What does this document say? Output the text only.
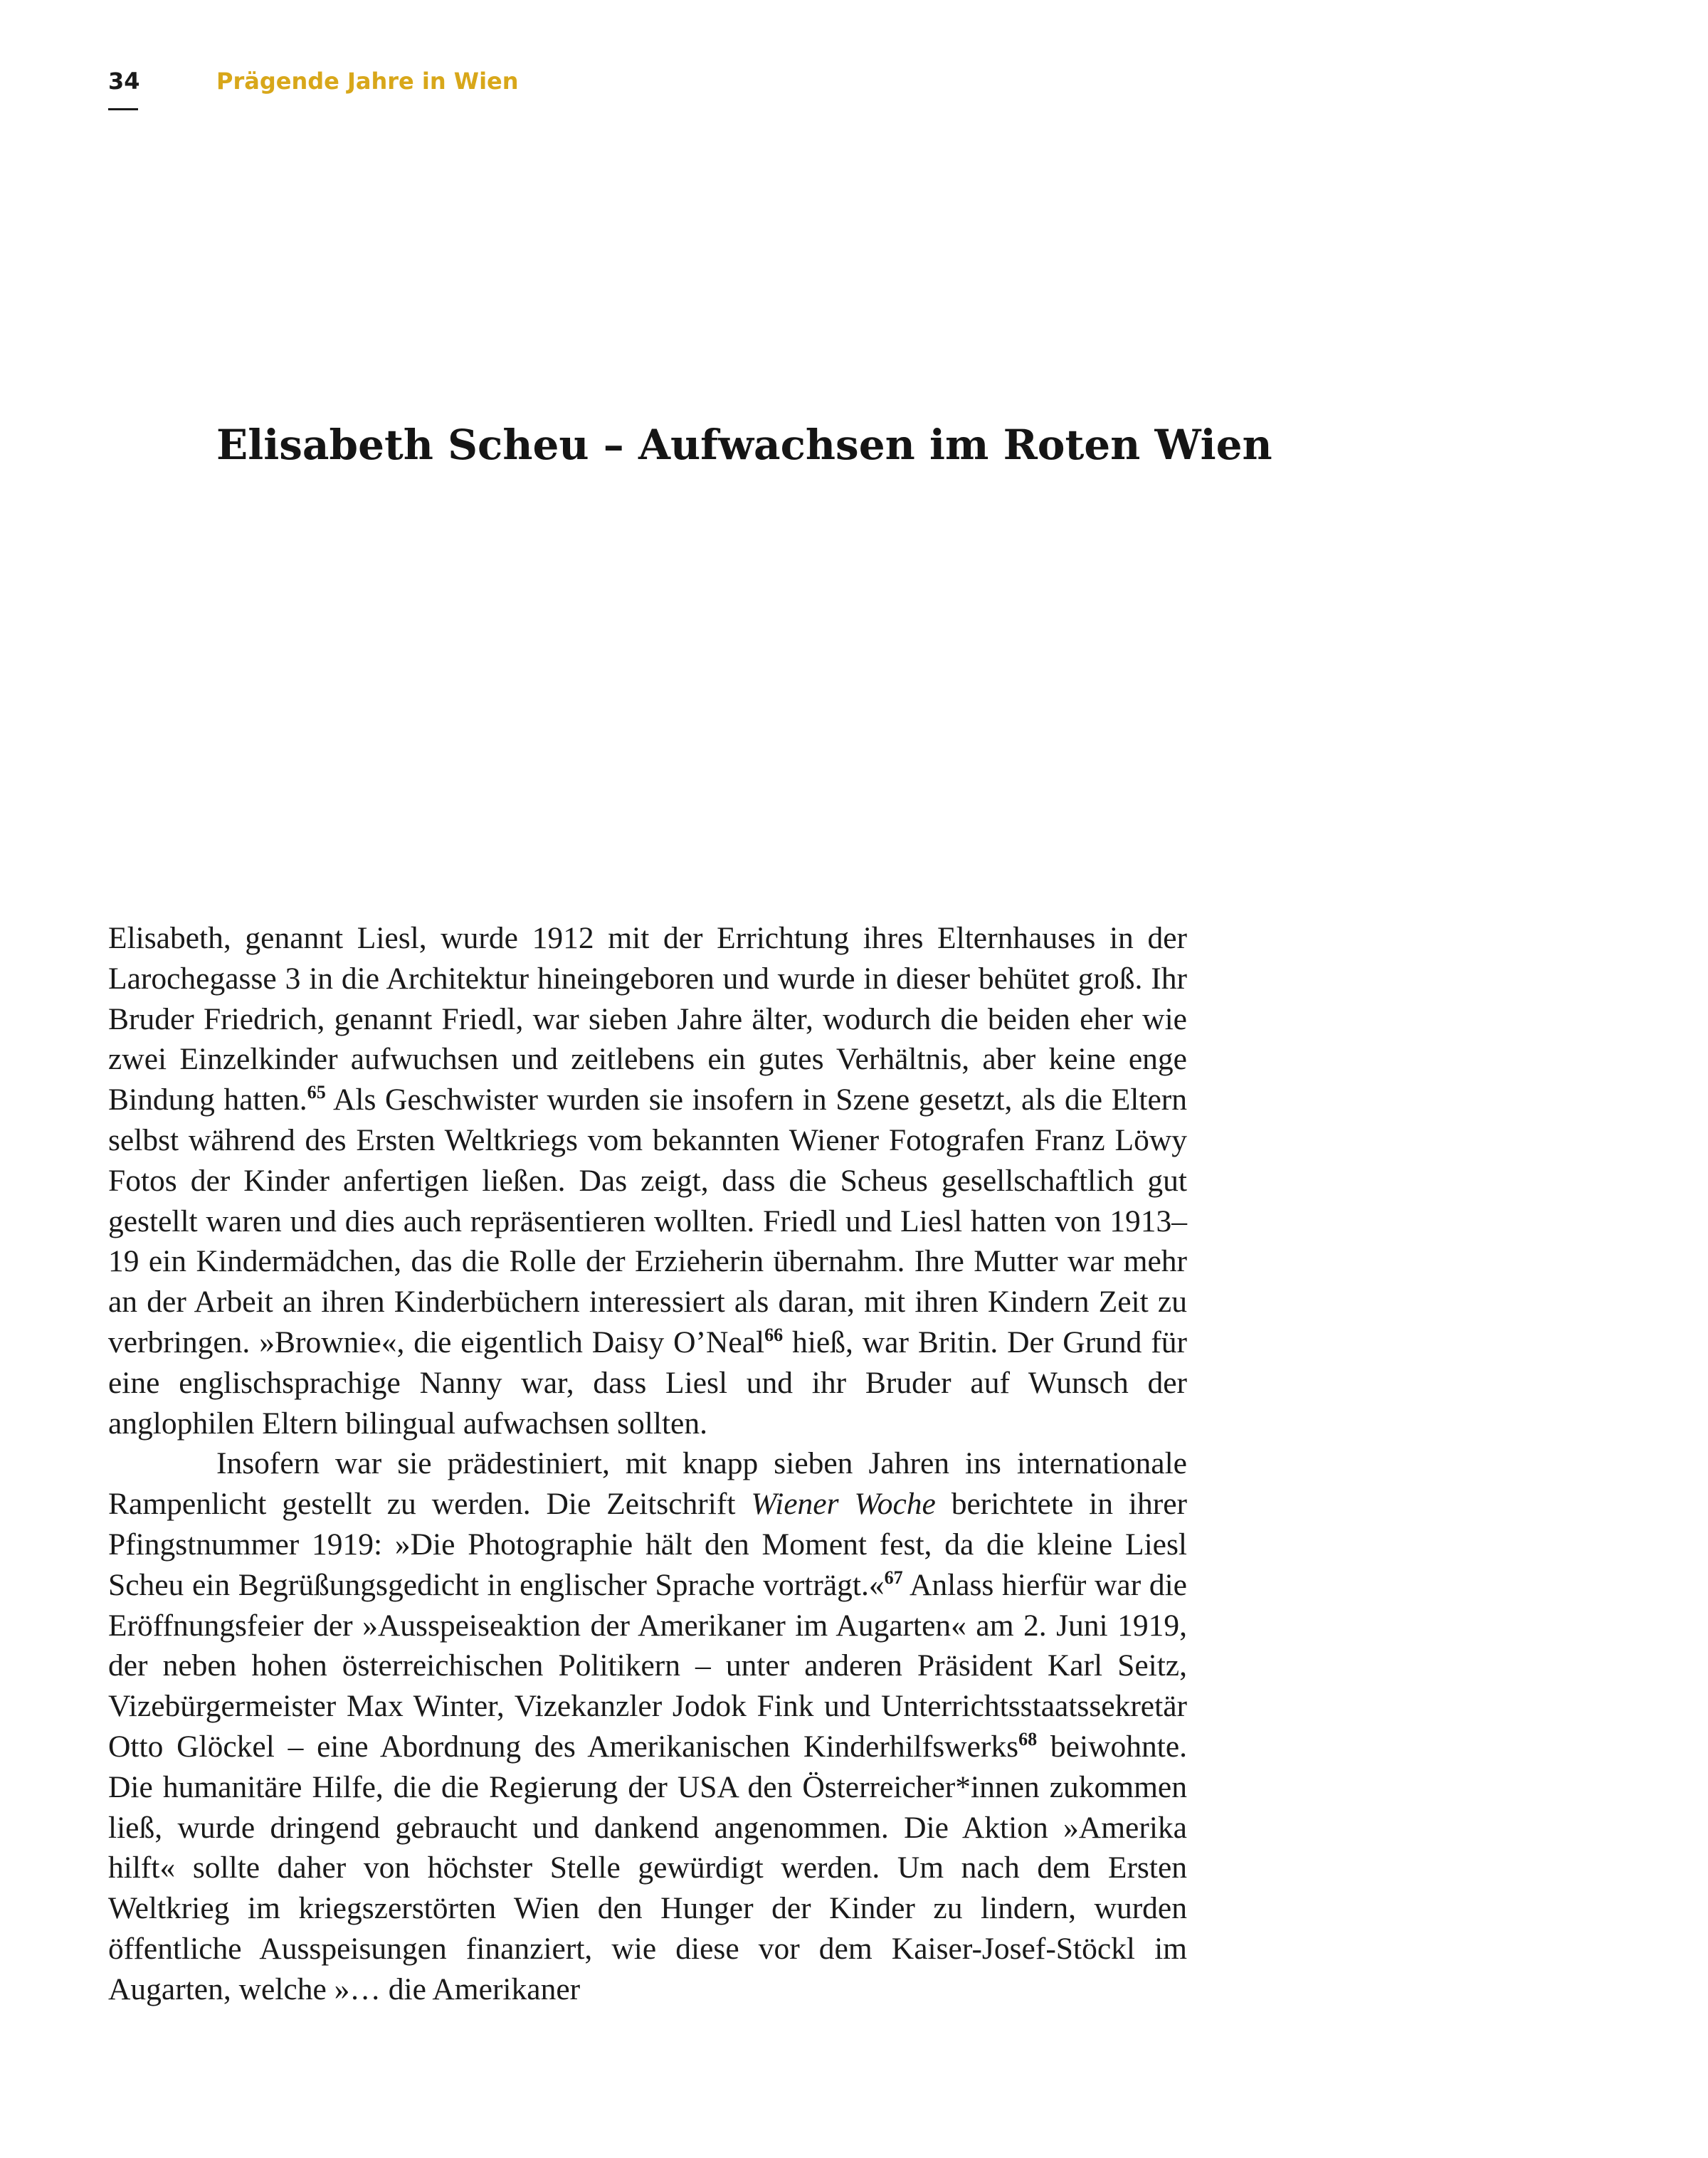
34	Prägende Jahre in Wien
Elisabeth Scheu – Aufwachsen im Roten Wien

Elisabeth, genannt Liesl, wurde 1912 mit der Errichtung ihres Elternhauses in der Larochegasse 3 in die Architektur hineingeboren und wurde in dieser behütet groß. Ihr Bruder Friedrich, genannt Friedl, war sieben Jahre älter, wodurch die beiden eher wie zwei Einzelkinder aufwuchsen und zeitlebens ein gutes Verhältnis, aber keine enge Bindung hatten.$^{65}$ Als Geschwister wurden sie insofern in Szene gesetzt, als die Eltern selbst während des Ersten Weltkriegs vom bekannten Wiener Fotografen Franz Löwy Fotos der Kinder anfertigen ließen. Das zeigt, dass die Scheus gesellschaftlich gut gestellt waren und dies auch repräsentieren wollten. Friedl und Liesl hatten von 1913–19 ein Kindermädchen, das die Rolle der Erzieherin übernahm. Ihre Mutter war mehr an der Arbeit an ihren Kinderbüchern interessiert als daran, mit ihren Kindern Zeit zu verbringen. »Brownie«, die eigentlich Daisy O’Neal$^{66}$ hieß, war Britin. Der Grund für eine englischsprachige Nanny war, dass Liesl und ihr Bruder auf Wunsch der anglophilen Eltern bilingual aufwachsen sollten.

Insofern war sie prädestiniert, mit knapp sieben Jahren ins internationale Rampenlicht gestellt zu werden. Die Zeitschrift Wiener Woche berichtete in ihrer Pfingstnummer 1919: »Die Photographie hält den Moment fest, da die kleine Liesl Scheu ein Begrüßungsgedicht in englischer Sprache vorträgt.«$^{67}$ Anlass hierfür war die Eröffnungsfeier der »Ausspeiseaktion der Amerikaner im Augarten« am 2. Juni 1919, der neben hohen österreichischen Politikern – unter anderen Präsident Karl Seitz, Vizebürgermeister Max Winter, Vizekanzler Jodok Fink und Unterrichtsstaatssekretär Otto Glöckel – eine Abordnung des Amerikanischen Kinderhilfswerks$^{68}$ beiwohnte. Die humanitäre Hilfe, die die Regierung der USA den Österreicher*innen zukommen ließ, wurde dringend gebraucht und dankend angenommen. Die Aktion »Amerika hilft« sollte daher von höchster Stelle gewürdigt werden. Um nach dem Ersten Weltkrieg im kriegszerstörten Wien den Hunger der Kinder zu lindern, wurden öffentliche Ausspeisungen finanziert, wie diese vor dem Kaiser-Josef-Stöckl im Augarten, welche »… die Amerikaner
